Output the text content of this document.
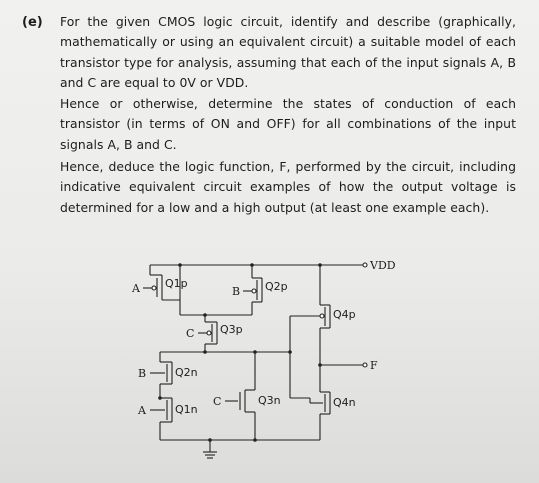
(e) For the given CMOS logic circuit, identify and describe (graphically, mathematically or using an equivalent circuit) a suitable model of each transistor type for analysis, assuming that each of the input signals A, B and C are equal to 0V or VDD.

Hence or otherwise, determine the states of conduction of each transistor (in terms of ON and OFF) for all combinations of the input signals A, B and C.

Hence, deduce the logic function, F, performed by the circuit, including indicative equivalent circuit examples of how the output voltage is determined for a low and a high output (at least one example each).

VDD
F
A Q1p
B Q2p
C Q3p
Q4p
B	Q2n
A	Q1n
C	Q3n	Q4n
